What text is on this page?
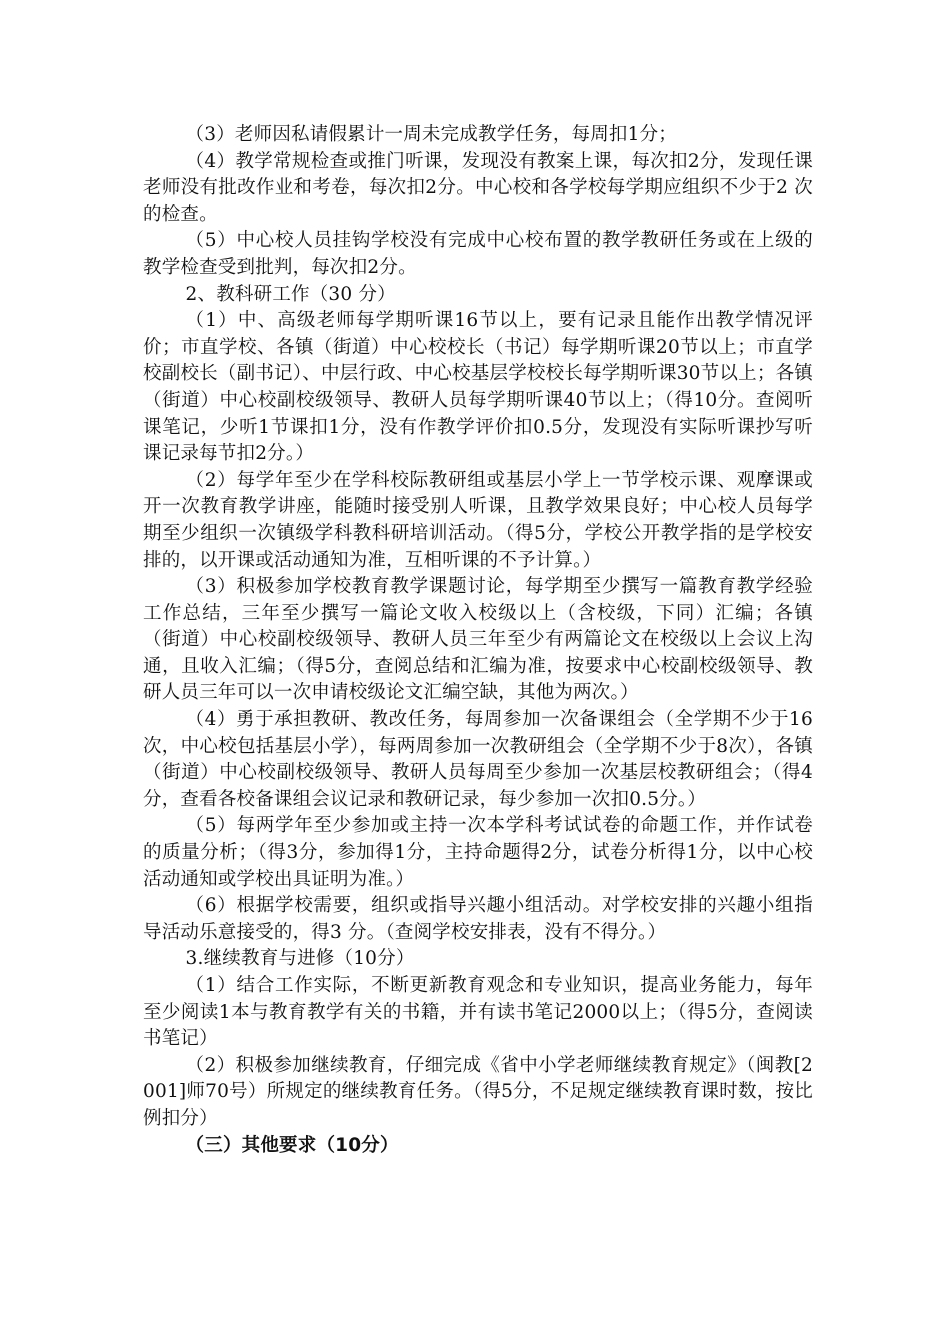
（3）老师因私请假累计一周未完成教学任务，每周扣1分；

（4）教学常规检查或推门听课，发现没有教案上课，每次扣2分，发现任课老师没有批改作业和考卷，每次扣2分。中心校和各学校每学期应组织不少于2 次的检查。

（5）中心校人员挂钩学校没有完成中心校布置的教学教研任务或在上级的教学检查受到批判，每次扣2分。

2、教科研工作（30 分）

（1）中、高级老师每学期听课16节以上，要有记录且能作出教学情况评价；市直学校、各镇（街道）中心校校长（书记）每学期听课20节以上；市直学校副校长（副书记）、中层行政、中心校基层学校校长每学期听课30节以上；各镇（街道）中心校副校级领导、教研人员每学期听课40节以上；（得10分。查阅听课笔记，少听1节课扣1分，没有作教学评价扣0.5分，发现没有实际听课抄写听课记录每节扣2分。）

（2）每学年至少在学科校际教研组或基层小学上一节学校示课、观摩课或开一次教育教学讲座，能随时接受别人听课，且教学效果良好；中心校人员每学期至少组织一次镇级学科教科研培训活动。（得5分，学校公开教学指的是学校安排的，以开课或活动通知为准，互相听课的不予计算。）

（3）积极参加学校教育教学课题讨论，每学期至少撰写一篇教育教学经验工作总结，三年至少撰写一篇论文收入校级以上（含校级，下同）汇编；各镇（街道）中心校副校级领导、教研人员三年至少有两篇论文在校级以上会议上沟通，且收入汇编；（得5分，查阅总结和汇编为准，按要求中心校副校级领导、教研人员三年可以一次申请校级论文汇编空缺，其他为两次。）

（4）勇于承担教研、教改任务，每周参加一次备课组会（全学期不少于16次，中心校包括基层小学），每两周参加一次教研组会（全学期不少于8次），各镇（街道）中心校副校级领导、教研人员每周至少参加一次基层校教研组会；（得4分，查看各校备课组会议记录和教研记录，每少参加一次扣0.5分。）

（5）每两学年至少参加或主持一次本学科考试试卷的命题工作，并作试卷的质量分析；（得3分，参加得1分，主持命题得2分，试卷分析得1分，以中心校活动通知或学校出具证明为准。）

（6）根据学校需要，组织或指导兴趣小组活动。对学校安排的兴趣小组指导活动乐意接受的，得3 分。（查阅学校安排表，没有不得分。）

3.继续教育与进修（10分）

（1）结合工作实际，不断更新教育观念和专业知识，提高业务能力，每年至少阅读1本与教育教学有关的书籍，并有读书笔记2000以上；（得5分，查阅读书笔记）

（2）积极参加继续教育，仔细完成《省中小学老师继续教育规定》（闽教[2001]师70号）所规定的继续教育任务。（得5分，不足规定继续教育课时数，按比例扣分）

（三）其他要求（10分）
